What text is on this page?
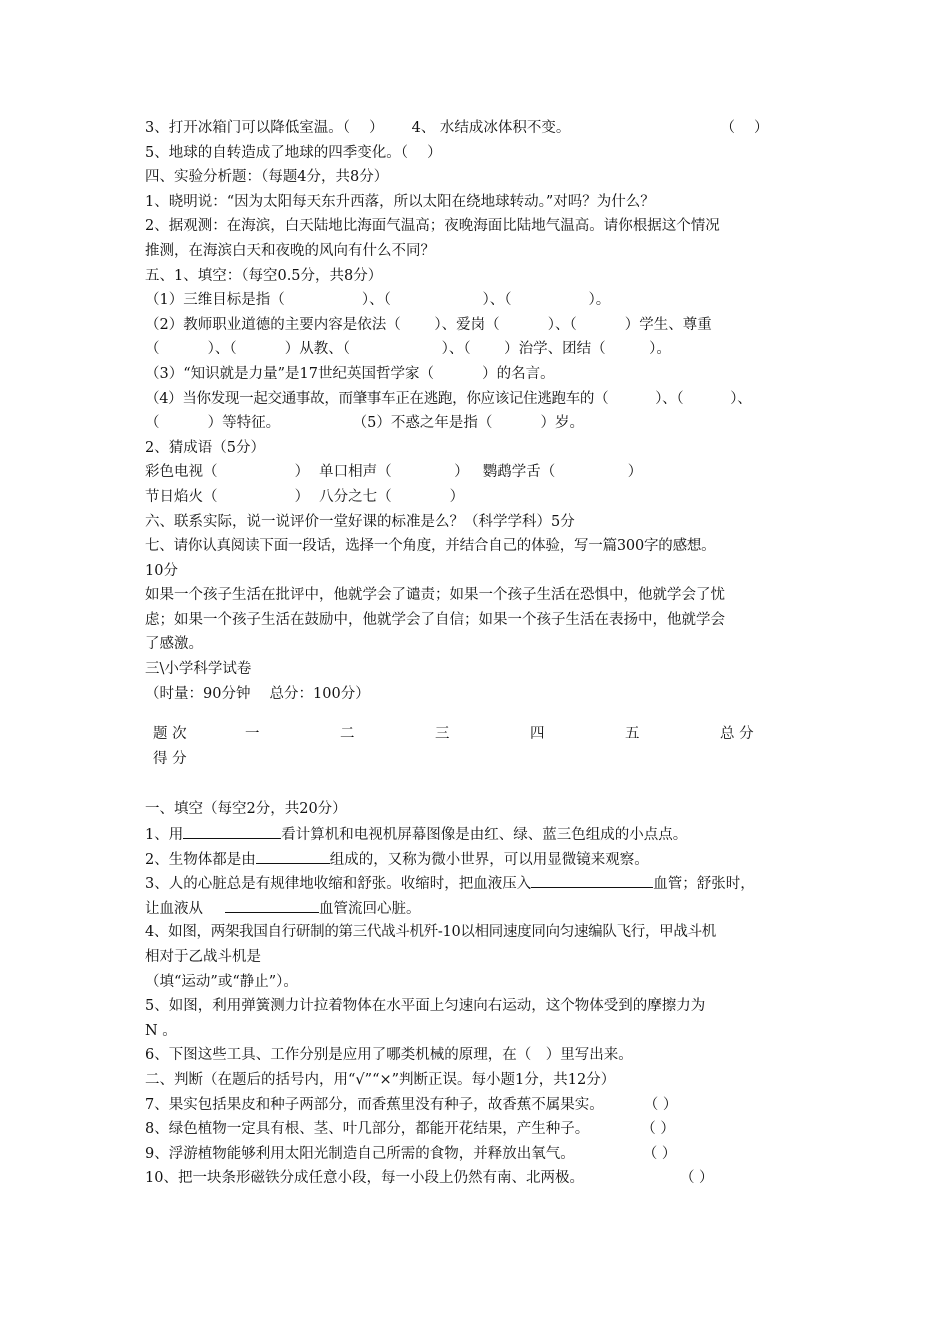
3、打开冰箱门可以降低室温。（　 ） 4、 水结成冰体积不变。	（　 ）
5、地球的自转造成了地球的四季变化。（　 ）
四、实验分析题：（每题4分，共8分）
1、晓明说：“因为太阳每天东升西落，所以太阳在绕地球转动。”对吗？为什么？
2、据观测：在海滨，白天陆地比海面气温高；夜晚海面比陆地气温高。请你根据这个情况
推测，在海滨白天和夜晚的风向有什么不同？
五、1、填空：（每空0.5分，共8分）
（1）三维目标是指（　　　　　 ）、（　　　　　　 ）、（　　　　　 ）。
（2）教师职业道德的主要内容是依法（　　 ）、爱岗（　　　 ）、（　　　 ）学生、尊重
（　　　 ）、（　　　 ）从教、（　　　　　　 ）、（　　 ）治学、团结（　　　）。
（3）“知识就是力量”是17世纪英国哲学家（　　　 ）的名言。
（4）当你发现一起交通事故，而肇事车正在逃跑，你应该记住逃跑车的（　　　 ）、（　　　 ）、
（　　　 ）等特征。　　　　　　（5）不惑之年是指（　　　 ）岁。
2、猜成语（5分）
彩色电视（　　　　　 ） 单口相声（　　　　 ） 鹦鹉学舌（　　　　　）
节日焰火（　　　　　 ） 八分之七（　　　　）
六、联系实际，说一说评价一堂好课的标准是么？（科学学科）5分
七、请你认真阅读下面一段话，选择一个角度，并结合自己的体验，写一篇300字的感想。
10分
如果一个孩子生活在批评中，他就学会了谴责；如果一个孩子生活在恐惧中，他就学会了忧
虑；如果一个孩子生活在鼓励中，他就学会了自信；如果一个孩子生活在表扬中，他就学会
了感激。
三\小学科学试卷
（时量：90分钟　 总分：100分）
题 次	一	二	三	四	五	总 分
得 分
一、填空（每空2分，共20分）
1、用	看计算机和电视机屏幕图像是由红、绿、蓝三色组成的小点点。
2、生物体都是由	组成的，又称为微小世界，可以用显微镜来观察。
3、人的心脏总是有规律地收缩和舒张。收缩时，把血液压入	血管；舒张时，
让血液从	血管流回心脏。
4、如图，两架我国自行研制的第三代战斗机歼-10以相同速度同向匀速编队飞行，甲战斗机
相对于乙战斗机是
（填“运动”或“静止”）。
5、如图，利用弹簧测力计拉着物体在水平面上匀速向右运动，这个物体受到的摩擦力为
N 。
6、下图这些工具、工作分别是应用了哪类机械的原理，在（　）里写出来。
二、判断（在题后的括号内，用“√”“×”判断正误。每小题1分，共12分）
7、果实包括果皮和种子两部分，而香蕉里没有种子，故香蕉不属果实。	（ ）
8、绿色植物一定具有根、茎、叶几部分，都能开花结果，产生种子。	（ ）
9、浮游植物能够利用太阳光制造自己所需的食物，并释放出氧气。	（ ）
10、把一块条形磁铁分成任意小段，每一小段上仍然有南、北两极。	（ ）
